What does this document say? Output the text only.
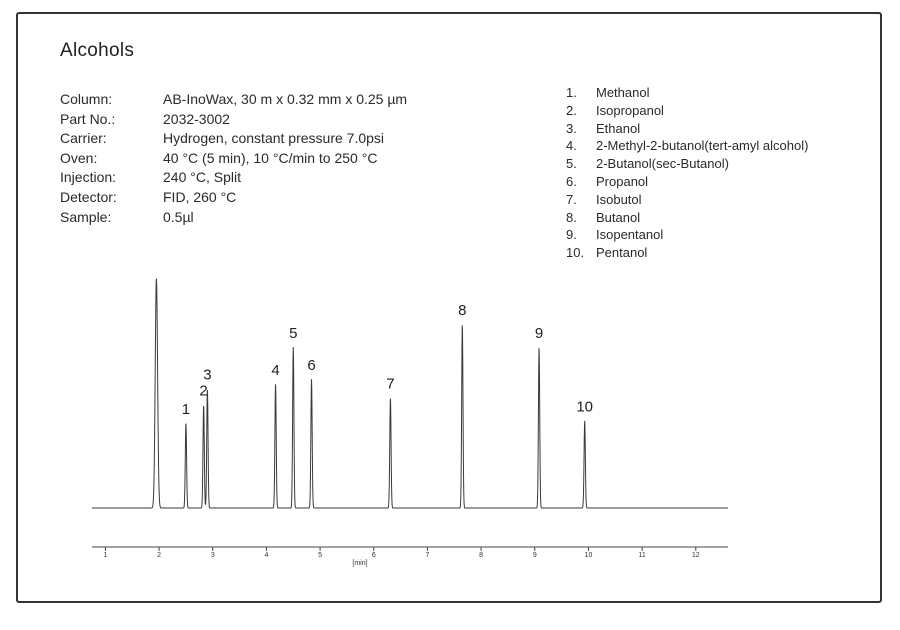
Alcohols
Column:	AB-InoWax, 30 m x 0.32 mm x 0.25 µm
Part No.:	2032-3002
Carrier:	Hydrogen, constant pressure 7.0psi
Oven:	40 °C (5 min), 10 °C/min to 250 °C
Injection:	240 °C, Split
Detector:	FID, 260 °C
Sample:	0.5µl
1. Methanol
2. Isopropanol
3. Ethanol
4. 2-Methyl-2-butanol(tert-amyl alcohol)
5. 2-Butanol(sec-Butanol)
6. Propanol
7. Isobutol
8. Butanol
9. Isopentanol
10. Pentanol
1
2
3	4
5
6
7
8
9
10
1	2	3	4	5	6	7	8	9	10	11	12
[min]
